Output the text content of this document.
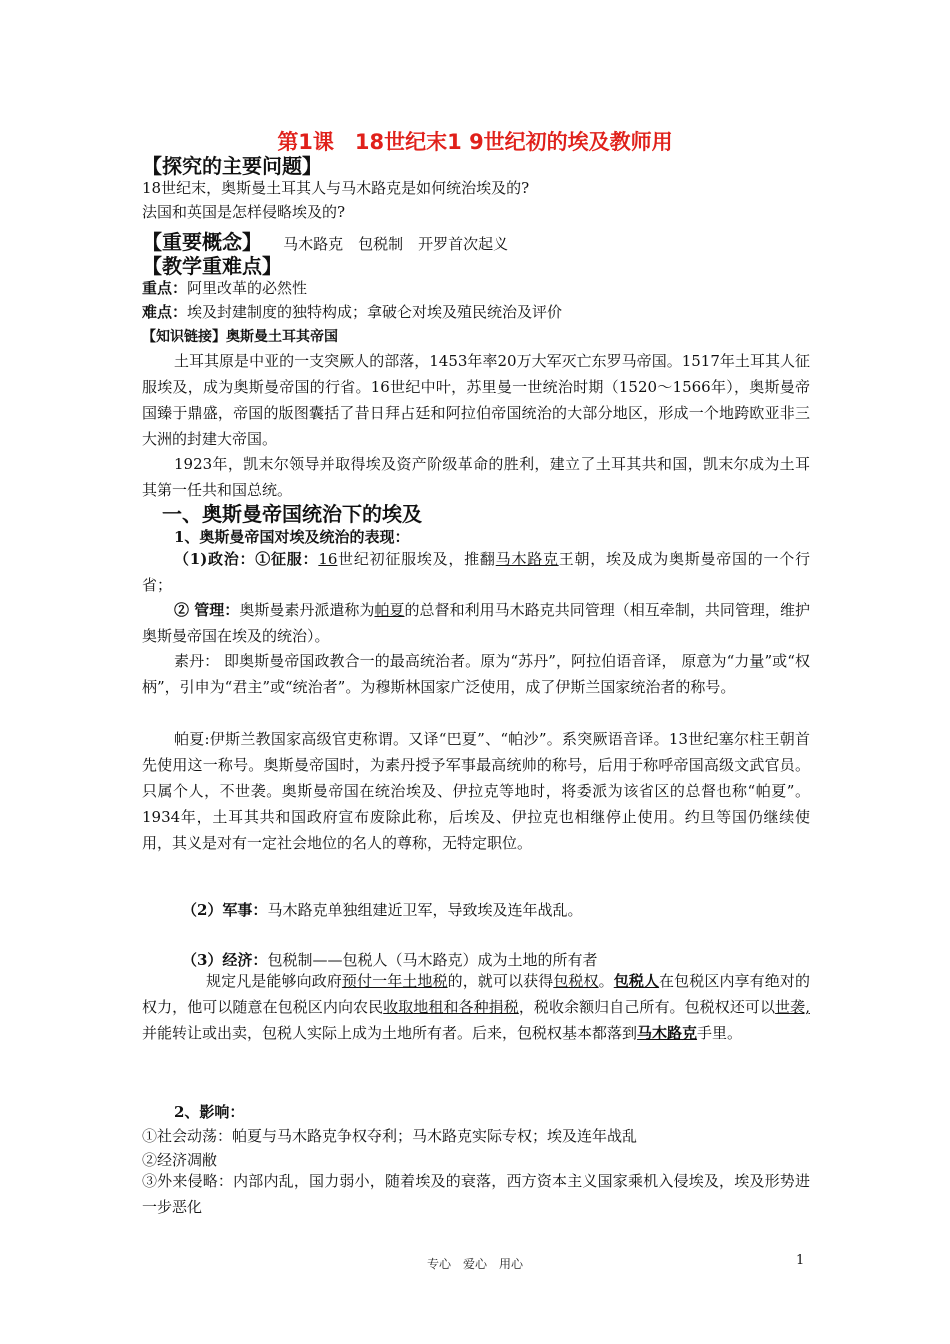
第1课　18世纪末1 9世纪初的埃及教师用
【探究的主要问题】
18世纪末，奥斯曼土耳其人与马木路克是如何统治埃及的?
法国和英国是怎样侵略埃及的?
【重要概念】 马木路克　包税制　开罗首次起义
【教学重难点】
重点：阿里改革的必然性
难点：埃及封建制度的独特构成；拿破仑对埃及殖民统治及评价
【知识链接】奥斯曼土耳其帝国
土耳其原是中亚的一支突厥人的部落，1453年率20万大军灭亡东罗马帝国。1517年土耳其人征服埃及，成为奥斯曼帝国的行省。16世纪中叶，苏里曼一世统治时期（1520～1566年），奥斯曼帝国臻于鼎盛，帝国的版图囊括了昔日拜占廷和阿拉伯帝国统治的大部分地区，形成一个地跨欧亚非三大洲的封建大帝国。
1923年，凯末尔领导并取得埃及资产阶级革命的胜利，建立了土耳其共和国，凯末尔成为土耳其第一任共和国总统。
一、奥斯曼帝国统治下的埃及
1、奥斯曼帝国对埃及统治的表现：
（1)政治：①征服：16世纪初征服埃及，推翻马木路克王朝，埃及成为奥斯曼帝国的一个行省；
② 管理：奥斯曼素丹派遣称为帕夏的总督和利用马木路克共同管理（相互牵制，共同管理，维护奥斯曼帝国在埃及的统治）。
素丹： 即奥斯曼帝国政教合一的最高统治者。原为“苏丹”，阿拉伯语音译， 原意为“力量”或“权柄”，引申为“君主”或“统治者”。为穆斯林国家广泛使用，成了伊斯兰国家统治者的称号。
帕夏:伊斯兰教国家高级官吏称谓。又译“巴夏”、“帕沙”。系突厥语音译。13世纪塞尔柱王朝首先使用这一称号。奥斯曼帝国时，为素丹授予军事最高统帅的称号，后用于称呼帝国高级文武官员。只属个人，不世袭。奥斯曼帝国在统治埃及、伊拉克等地时，将委派为该省区的总督也称“帕夏”。1934年，土耳其共和国政府宣布废除此称，后埃及、伊拉克也相继停止使用。约旦等国仍继续使用，其义是对有一定社会地位的名人的尊称，无特定职位。
（2）军事：马木路克单独组建近卫军，导致埃及连年战乱。
（3）经济：包税制——包税人（马木路克）成为土地的所有者
规定凡是能够向政府预付一年土地税的，就可以获得包税权。包税人在包税区内享有绝对的权力，他可以随意在包税区内向农民收取地租和各种捐税，税收余额归自己所有。包税权还可以世袭,并能转让或出卖，包税人实际上成为土地所有者。后来，包税权基本都落到马木路克手里。
2、影响：
①社会动荡：帕夏与马木路克争权夺利；马木路克实际专权；埃及连年战乱
②经济凋敝
③外来侵略：内部内乱，国力弱小，随着埃及的衰落，西方资本主义国家乘机入侵埃及，埃及形势进一步恶化
专心　爱心　用心	1
